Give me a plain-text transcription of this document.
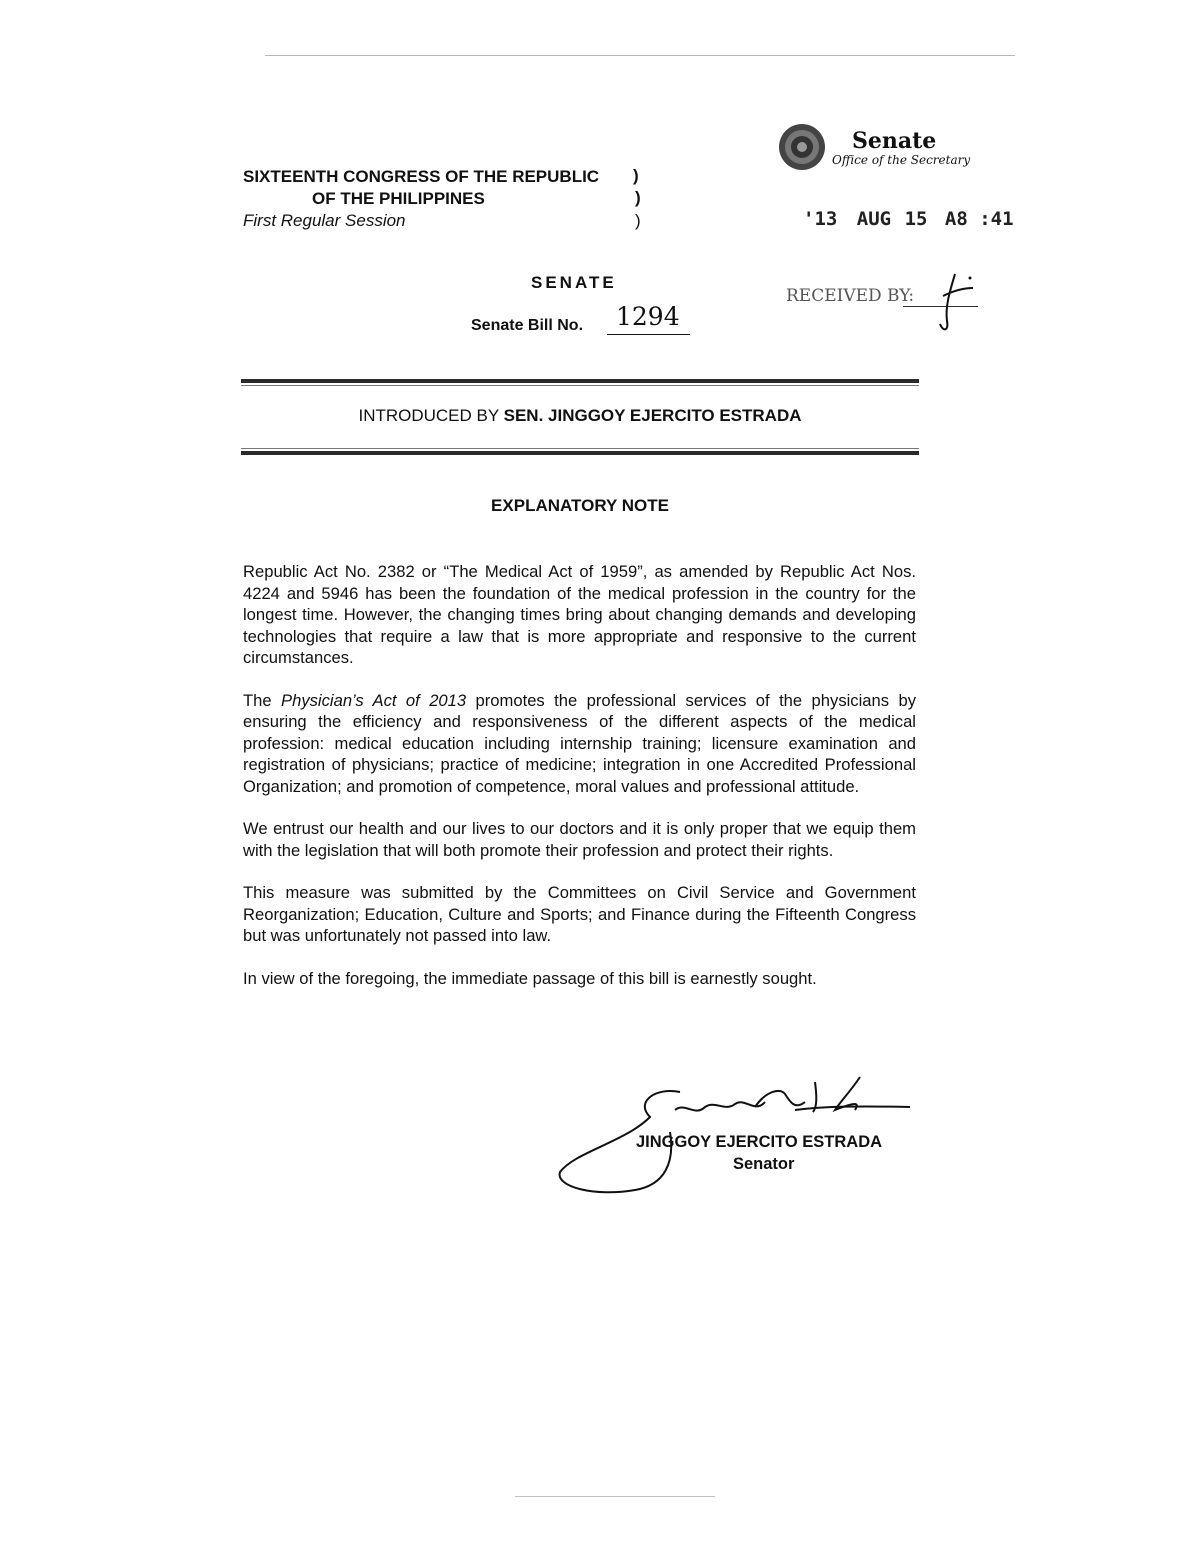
SIXTEENTH CONGRESS OF THE REPUBLIC
OF THE PHILIPPINES
First Regular Session
)
)
)
Senate
Office of the Secretary
'13 AUG 15 A8 :41
RECEIVED BY:
SENATE
Senate Bill No. 1294
INTRODUCED BY SEN. JINGGOY EJERCITO ESTRADA
EXPLANATORY NOTE

Republic Act No. 2382 or “The Medical Act of 1959”, as amended by Republic Act Nos. 4224 and 5946 has been the foundation of the medical profession in the country for the longest time. However, the changing times bring about changing demands and developing technologies that require a law that is more appropriate and responsive to the current circumstances.

The Physician’s Act of 2013 promotes the professional services of the physicians by ensuring the efficiency and responsiveness of the different aspects of the medical profession: medical education including internship training; licensure examination and registration of physicians; practice of medicine; integration in one Accredited Professional Organization; and promotion of competence, moral values and professional attitude.

We entrust our health and our lives to our doctors and it is only proper that we equip them with the legislation that will both promote their profession and protect their rights.

This measure was submitted by the Committees on Civil Service and Government Reorganization; Education, Culture and Sports; and Finance during the Fifteenth Congress but was unfortunately not passed into law.

In view of the foregoing, the immediate passage of this bill is earnestly sought.

JINGGOY EJERCITO ESTRADA
Senator
